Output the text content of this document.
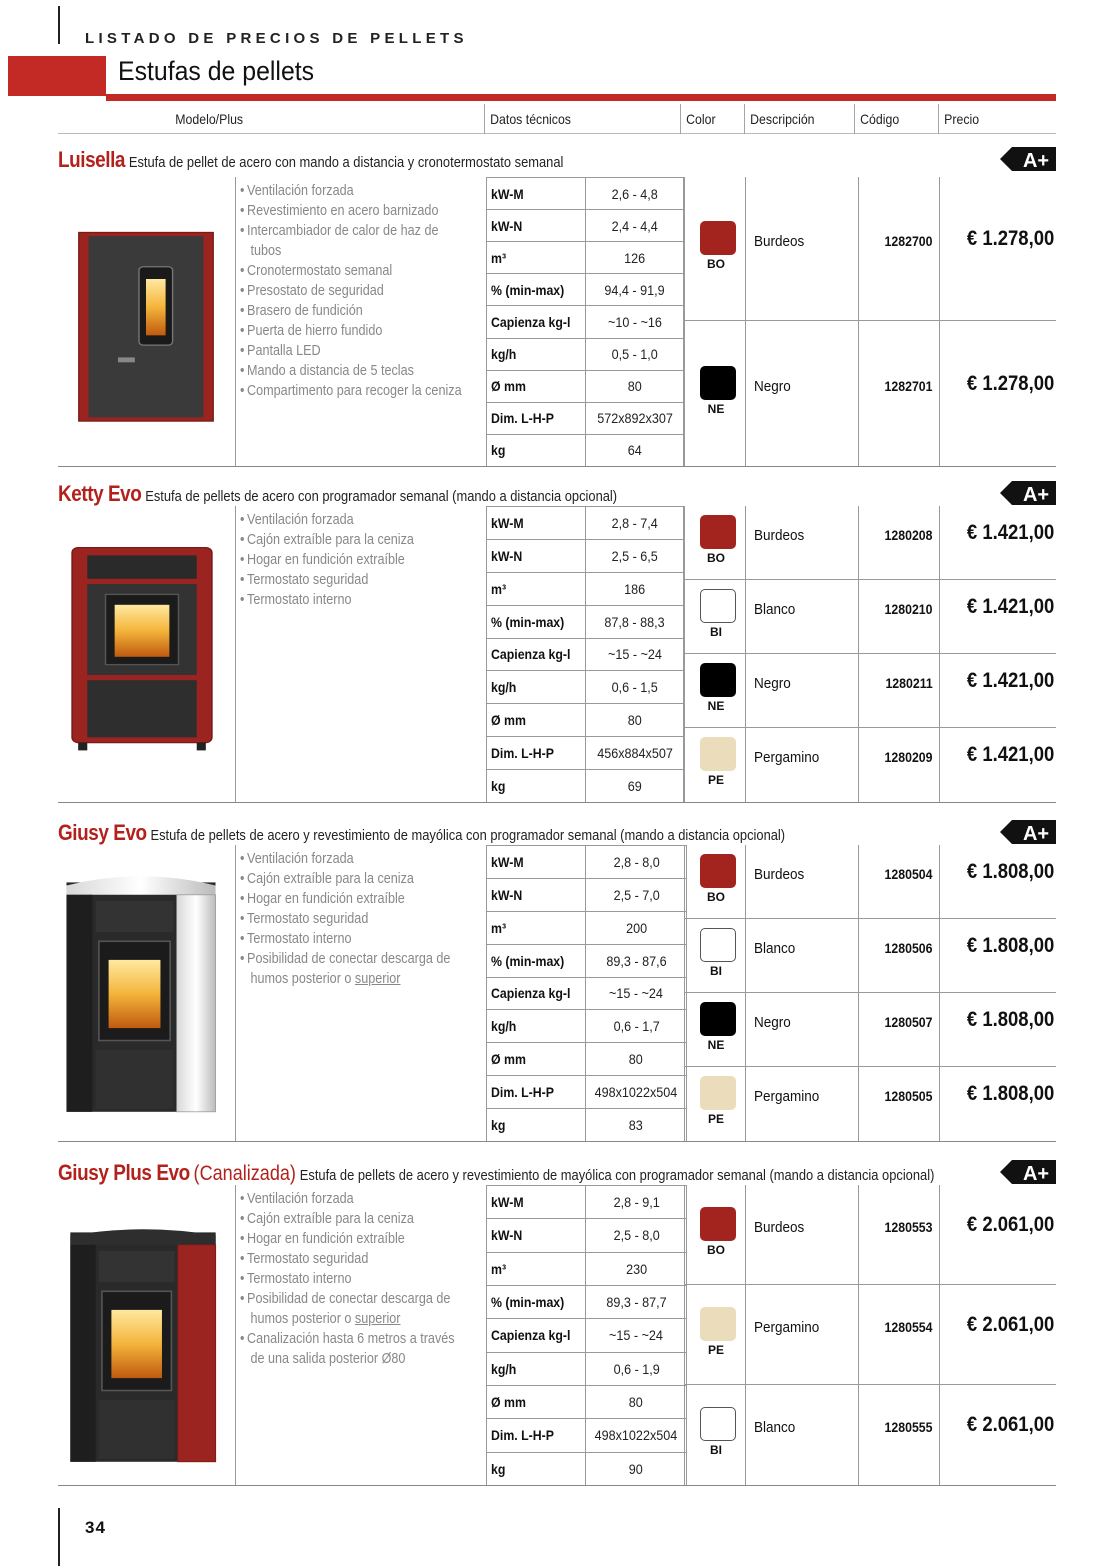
LISTADO DE PRECIOS DE PELLETS
Estufas de pellets
Modelo/Plus	Datos técnicos	Color	Descripción	Código	Precio
Luisella Estufa de pellet de acero con mando a distancia y cronotermostato semanal	A+
• Ventilación forzada
• Revestimiento en acero barnizado
• Intercambiador de calor de haz de
tubos
• Cronotermostato semanal
• Presostato de seguridad
• Brasero de fundición
• Puerta de hierro fundido
• Pantalla LED
• Mando a distancia de 5 teclas
• Compartimento para recoger la ceniza
kW-M	2,6 - 4,8
kW-N	2,4 - 4,4
m³	126
% (min-max)	94,4 - 91,9
Capienza kg-l	~10 - ~16
kg/h	0,5 - 1,0
Ø mm	80
Dim. L-H-P	572x892x307
kg	64
BO
Burdeos	1282700 € 1.278,00
NE
Negro	1282701 € 1.278,00
Ketty Evo Estufa de pellets de acero con programador semanal (mando a distancia opcional)	A+
• Ventilación forzada
• Cajón extraíble para la ceniza
• Hogar en fundición extraíble
• Termostato seguridad
• Termostato interno
kW-M	2,8 - 7,4
kW-N	2,5 - 6,5
m³	186
% (min-max)	87,8 - 88,3
Capienza kg-l	~15 - ~24
kg/h	0,6 - 1,5
Ø mm	80
Dim. L-H-P	456x884x507
kg	69
BO
Burdeos	1280208 € 1.421,00
BI
Blanco	1280210 € 1.421,00
NE
Negro	1280211 € 1.421,00
PE
Pergamino	1280209 € 1.421,00
Giusy Evo Estufa de pellets de acero y revestimiento de mayólica con programador semanal (mando a distancia opcional)	A+
• Ventilación forzada
• Cajón extraíble para la ceniza
• Hogar en fundición extraíble
• Termostato seguridad
• Termostato interno
• Posibilidad de conectar descarga de
humos posterior o superior
kW-M	2,8 - 8,0
kW-N	2,5 - 7,0
m³	200
% (min-max)	89,3 - 87,6
Capienza kg-l	~15 - ~24
kg/h	0,6 - 1,7
Ø mm	80
Dim. L-H-P	498x1022x504
kg	83
BO
Burdeos	1280504 € 1.808,00
BI
Blanco	1280506 € 1.808,00
NE
Negro	1280507 € 1.808,00
PE
Pergamino	1280505 € 1.808,00
Giusy Plus Evo (Canalizada) Estufa de pellets de acero y revestimiento de mayólica con programador semanal (mando a distancia opcional)	A+
• Ventilación forzada
• Cajón extraíble para la ceniza
• Hogar en fundición extraíble
• Termostato seguridad
• Termostato interno
• Posibilidad de conectar descarga de
humos posterior o superior
• Canalización hasta 6 metros a través
de una salida posterior Ø80
kW-M	2,8 - 9,1
kW-N	2,5 - 8,0
m³	230
% (min-max)	89,3 - 87,7
Capienza kg-l	~15 - ~24
kg/h	0,6 - 1,9
Ø mm	80
Dim. L-H-P	498x1022x504
kg	90
BO
Burdeos	1280553 € 2.061,00
PE
Pergamino	1280554 € 2.061,00
BI
Blanco	1280555 € 2.061,00
34
